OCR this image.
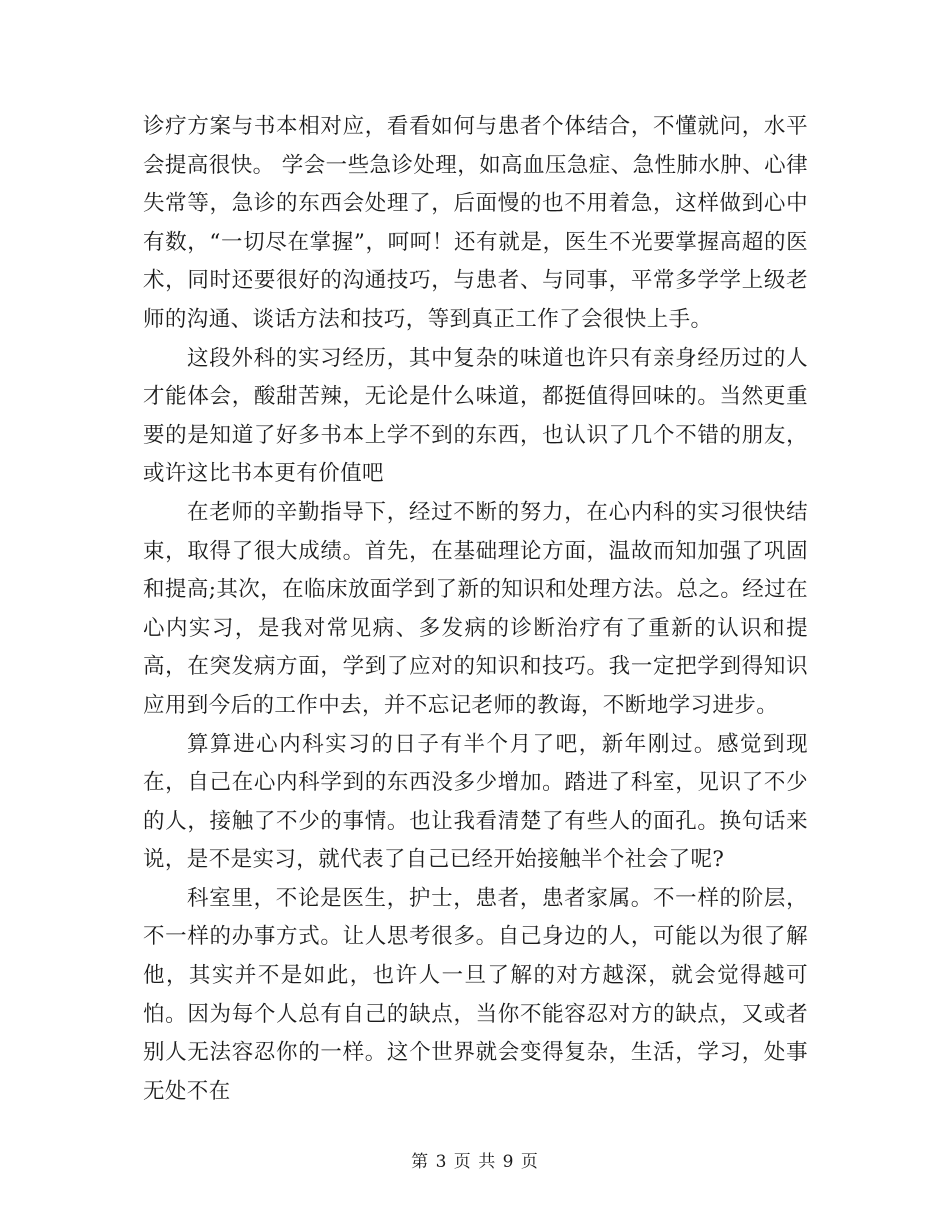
诊疗方案与书本相对应，看看如何与患者个体结合，不懂就问，水平会提高很快。 学会一些急诊处理，如高血压急症、急性肺水肿、心律失常等，急诊的东西会处理了，后面慢的也不用着急，这样做到心中有数，“一切尽在掌握”，呵呵！还有就是，医生不光要掌握高超的医术，同时还要很好的沟通技巧，与患者、与同事，平常多学学上级老师的沟通、谈话方法和技巧，等到真正工作了会很快上手。

这段外科的实习经历，其中复杂的味道也许只有亲身经历过的人才能体会，酸甜苦辣，无论是什么味道，都挺值得回味的。当然更重要的是知道了好多书本上学不到的东西，也认识了几个不错的朋友，或许这比书本更有价值吧

在老师的辛勤指导下，经过不断的努力，在心内科的实习很快结束，取得了很大成绩。首先，在基础理论方面，温故而知加强了巩固和提高;其次，在临床放面学到了新的知识和处理方法。总之。经过在心内实习，是我对常见病、多发病的诊断治疗有了重新的认识和提高，在突发病方面，学到了应对的知识和技巧。我一定把学到得知识应用到今后的工作中去，并不忘记老师的教诲，不断地学习进步。

算算进心内科实习的日子有半个月了吧，新年刚过。感觉到现在，自己在心内科学到的东西没多少增加。踏进了科室，见识了不少的人，接触了不少的事情。也让我看清楚了有些人的面孔。换句话来说，是不是实习，就代表了自己已经开始接触半个社会了呢?

科室里，不论是医生，护士，患者，患者家属。不一样的阶层，不一样的办事方式。让人思考很多。自己身边的人，可能以为很了解他，其实并不是如此，也许人一旦了解的对方越深，就会觉得越可怕。因为每个人总有自己的缺点，当你不能容忍对方的缺点，又或者别人无法容忍你的一样。这个世界就会变得复杂，生活，学习，处事无处不在

第 3 页 共 9 页
